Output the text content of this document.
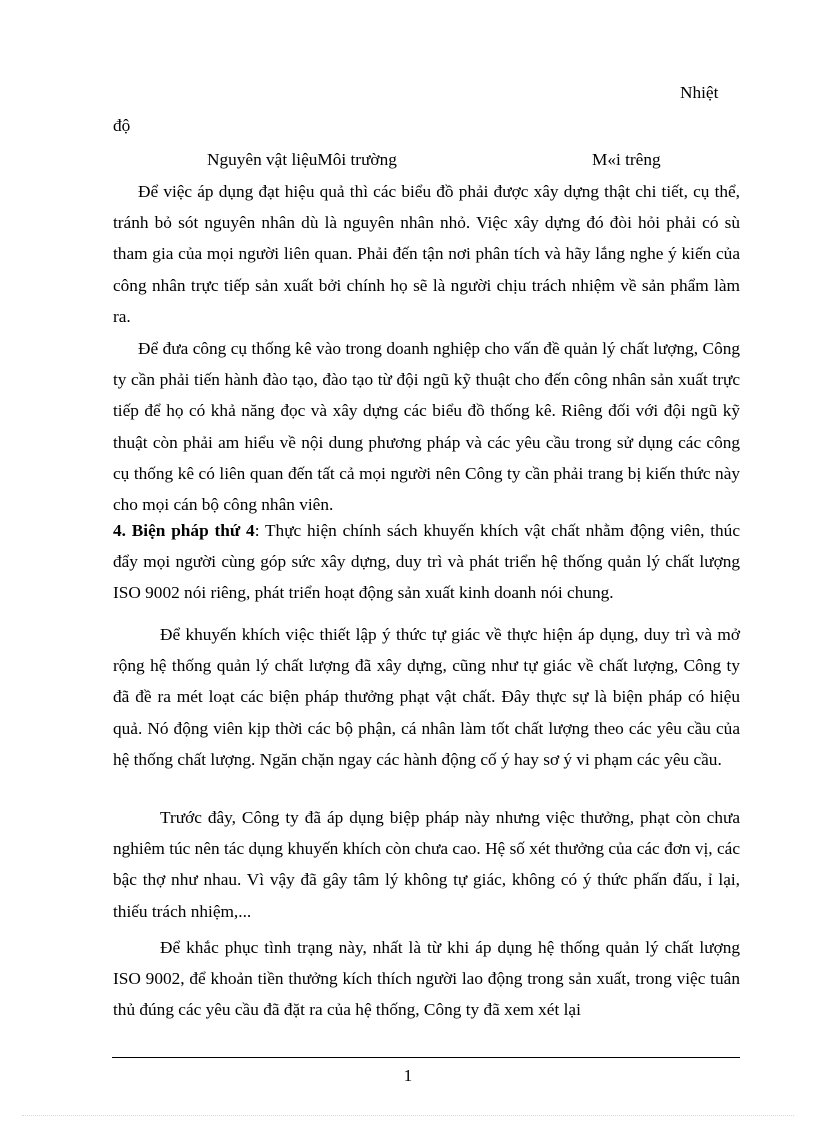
Nhiệt
độ
Nguyên vật liệuMôi trường	M«i trêng
Để việc áp dụng đạt hiệu quả thì các biểu đồ phải được xây dựng thật chi tiết, cụ thể, tránh bỏ sót nguyên nhân dù là nguyên nhân nhỏ. Việc xây dựng đó đòi hỏi phải có sù tham gia của mọi người liên quan. Phải đến tận nơi phân tích và hãy lắng nghe ý kiến của công nhân trực tiếp sản xuất bởi chính họ sẽ là người chịu trách nhiệm về sản phẩm làm ra.
Để đưa công cụ thống kê vào trong doanh nghiệp cho vấn đề quản lý chất lượng, Công ty cần phải tiến hành đào tạo, đào tạo từ đội ngũ kỹ thuật cho đến công nhân sản xuất trực tiếp để họ có khả năng đọc và xây dựng các biểu đồ thống kê. Riêng đối với đội ngũ kỹ thuật còn phải am hiểu về nội dung phương pháp và các yêu cầu trong sử dụng các công cụ thống kê có liên quan đến tất cả mọi người nên Công ty cần phải trang bị kiến thức này cho mọi cán bộ công nhân viên.
4. Biện pháp thứ 4: Thực hiện chính sách khuyến khích vật chất nhằm động viên, thúc đẩy mọi người cùng góp sức xây dựng, duy trì và phát triển hệ thống quản lý chất lượng ISO 9002 nói riêng, phát triển hoạt động sản xuất kinh doanh nói chung.
Để khuyến khích việc thiết lập ý thức tự giác về thực hiện áp dụng, duy trì và mở rộng hệ thống quản lý chất lượng đã xây dựng, cũng như tự giác về chất lượng, Công ty đã đề ra mét loạt các biện pháp thưởng phạt vật chất. Đây thực sự là biện pháp có hiệu quả. Nó động viên kịp thời các bộ phận, cá nhân làm tốt chất lượng theo các yêu cầu của hệ thống chất lượng. Ngăn chặn ngay các hành động cố ý hay sơ ý vi phạm các yêu cầu.
Trước đây, Công ty đã áp dụng biệp pháp này nhưng việc thưởng, phạt còn chưa nghiêm túc nên tác dụng khuyến khích còn chưa cao. Hệ số xét thưởng của các đơn vị, các bậc thợ như nhau. Vì vậy đã gây tâm lý không tự giác, không có ý thức phấn đấu, ỉ lại, thiếu trách nhiệm,...
Để khắc phục tình trạng này, nhất là từ khi áp dụng hệ thống quản lý chất lượng ISO 9002, để khoản tiền thưởng kích thích người lao động trong sản xuất, trong việc tuân thủ đúng các yêu cầu đã đặt ra của hệ thống, Công ty đã xem xét lại
1
